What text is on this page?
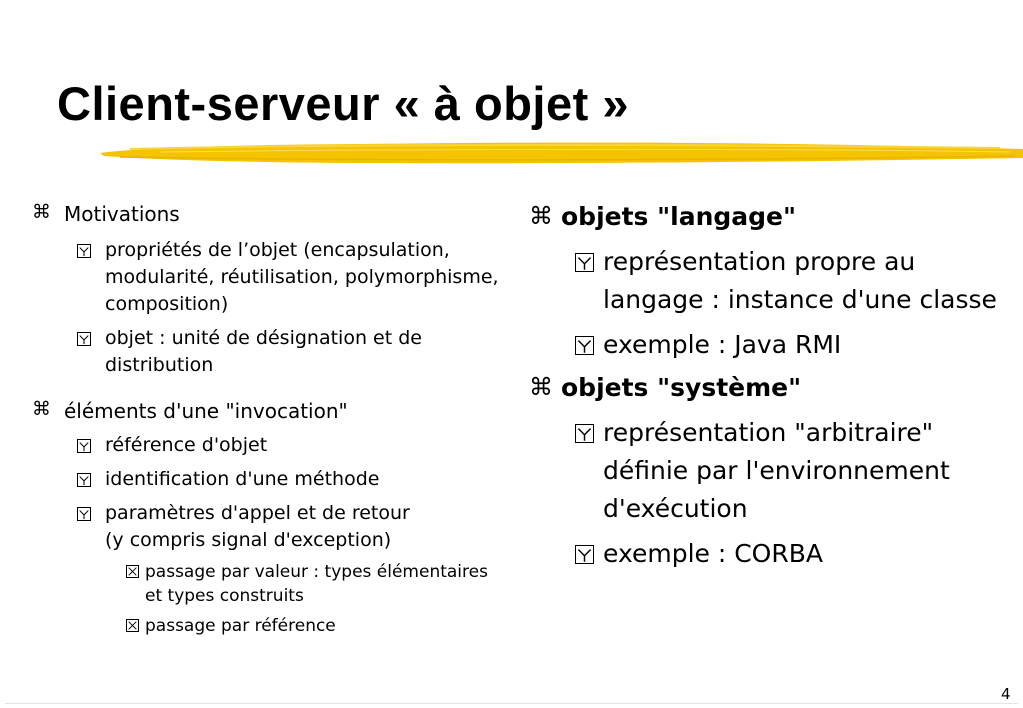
Client-serveur « à objet »
⌘ Motivations
propriétés de l’objet (encapsulation, modularité, réutilisation, polymorphisme, composition)
objet : unité de désignation et de distribution
⌘ éléments d'une "invocation"
référence d'objet
identification d'une méthode
paramètres d'appel et de retour
(y compris signal d'exception)
passage par valeur : types élémentaires et types construits
passage par référence
⌘ objets "langage"
représentation propre au langage : instance d'une classe
exemple : Java RMI
⌘ objets "système"
représentation "arbitraire" définie par l'environnement d'exécution
exemple : CORBA
4
